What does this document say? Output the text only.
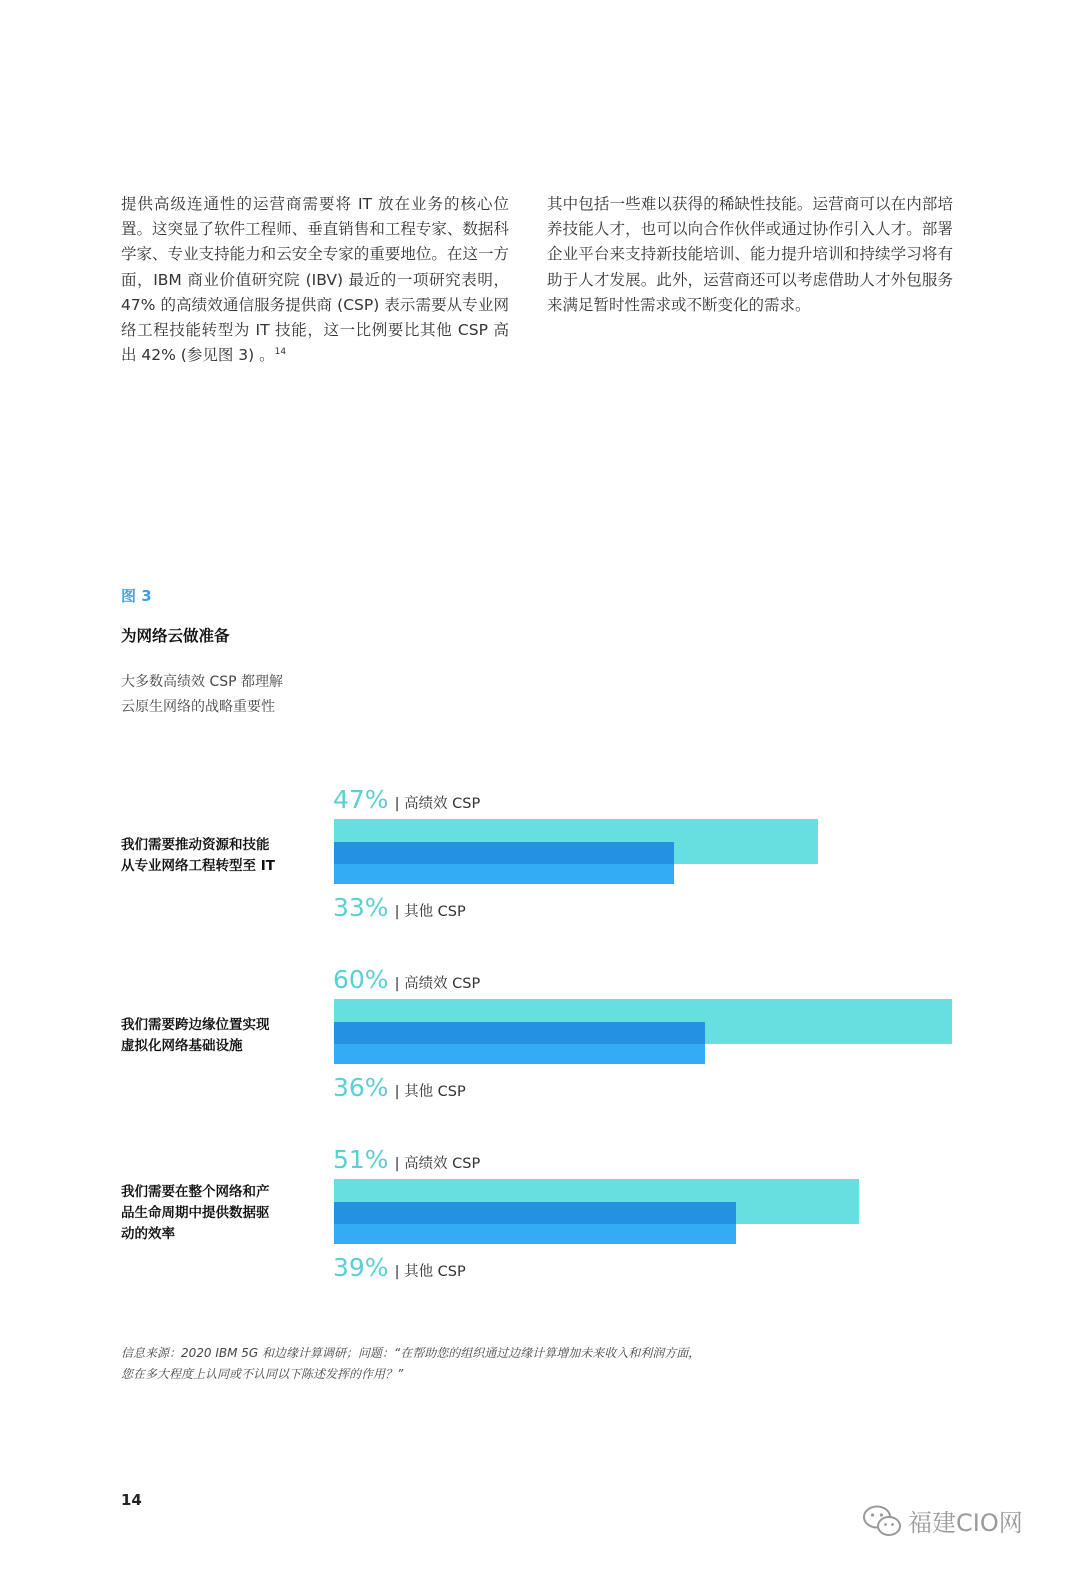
提供高级连通性的运营商需要将 IT 放在业务的核心位置。这突显了软件工程师、垂直销售和工程专家、数据科学家、专业支持能力和云安全专家的重要地位。在这一方面，IBM 商业价值研究院 (IBV) 最近的一项研究表明，47% 的高绩效通信服务提供商 (CSP) 表示需要从专业网络工程技能转型为 IT 技能，这一比例要比其他 CSP 高出 42% (参见图 3) 。$^{14}$

其中包括一些难以获得的稀缺性技能。运营商可以在内部培养技能人才，也可以向合作伙伴或通过协作引入人才。部署企业平台来支持新技能培训、能力提升培训和持续学习将有助于人才发展。此外，运营商还可以考虑借助人才外包服务来满足暂时性需求或不断变化的需求。

图 3
为网络云做准备
大多数高绩效 CSP 都理解
云原生网络的战略重要性
我们需要推动资源和技能
从专业网络工程转型至 IT
47% | 高绩效 CSP
33% | 其他 CSP
我们需要跨边缘位置实现
虚拟化网络基础设施
60% | 高绩效 CSP
36% | 其他 CSP
我们需要在整个网络和产
品生命周期中提供数据驱
动的效率
51% | 高绩效 CSP
39% | 其他 CSP
信息来源：2020 IBM 5G 和边缘计算调研；问题：“在帮助您的组织通过边缘计算增加未来收入和利润方面，
您在多大程度上认同或不认同以下陈述发挥的作用？”
14
福建CIO网
